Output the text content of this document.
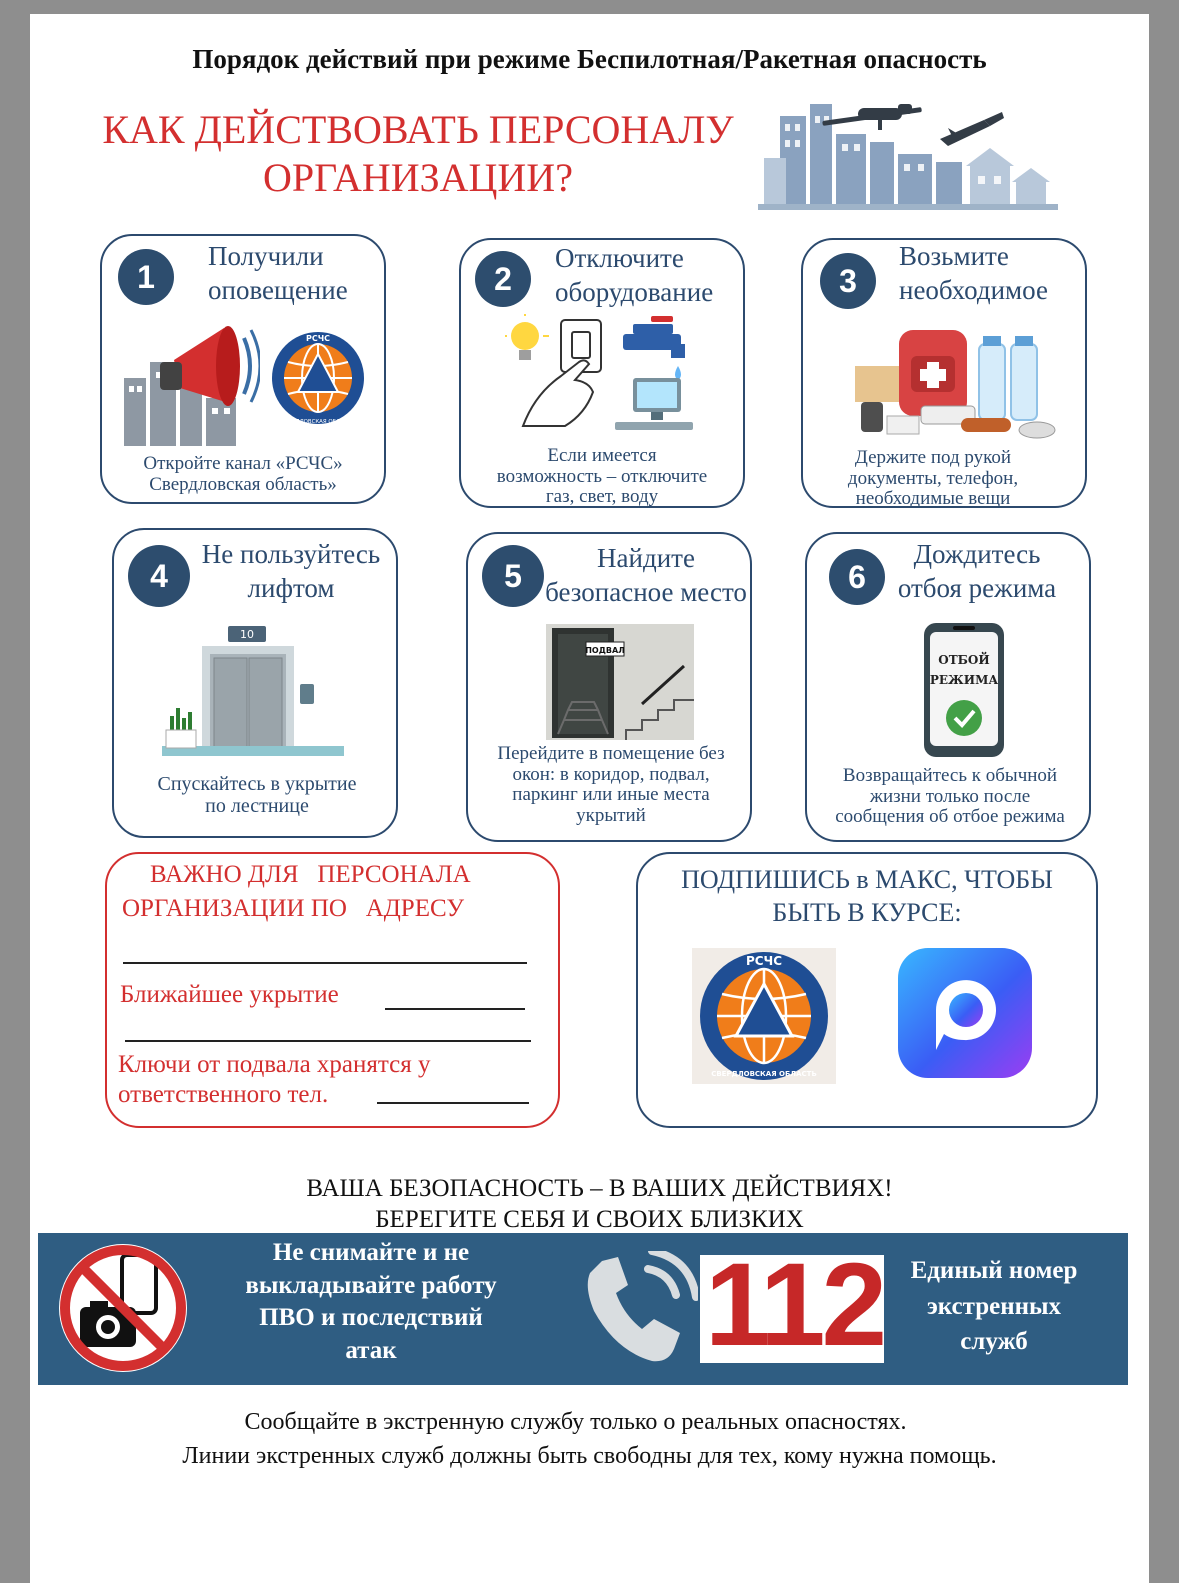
Порядок действий при режиме Беспилотная/Ракетная опасность
КАК ДЕЙСТВОВАТЬ ПЕРСОНАЛУ
ОРГАНИЗАЦИИ?
1
Получили
оповещение
РСЧС
СВЕРДЛОВСКАЯ ОБЛАСТЬ
Откройте канал «РСЧС»
Свердловская область»
2
Отключите
оборудование
Если имеется
возможность – отключите
газ, свет, воду
3
Возьмите
необходимое
Держите под рукой
документы, телефон,
необходимые вещи
4
Не пользуйтесь
лифтом
10
Спускайтесь в укрытие
по лестнице
5	Найдите
безопасное место
ПОДВАЛ
Перейдите в помещение без
окон: в коридор, подвал,
паркинг или иные места
укрытий
6
Дождитесь
отбоя режима
ОТБОЙ
РЕЖИМА
Возвращайтесь к обычной
жизни только после
сообщения об отбое режима
ВАЖНО ДЛЯ   ПЕРСОНАЛА
ОРГАНИЗАЦИИ ПО   АДРЕСУ
Ближайшее укрытие
Ключи от подвала хранятся у
ответственного тел.
ПОДПИШИСЬ в МАКС, ЧТОБЫ
БЫТЬ В КУРСЕ:
РСЧС
СВЕРДЛОВСКАЯ ОБЛАСТЬ
ВАША БЕЗОПАСНОСТЬ – В ВАШИХ ДЕЙСТВИЯХ!
БЕРЕГИТЕ СЕБЯ И СВОИХ БЛИЗКИХ
Не снимайте и не
выкладывайте работу
ПВО и последствий
атак	112	Единый номер
экстренных
служб
Сообщайте в экстренную службу только о реальных опасностях.
Линии экстренных служб должны быть свободны для тех, кому нужна помощь.
